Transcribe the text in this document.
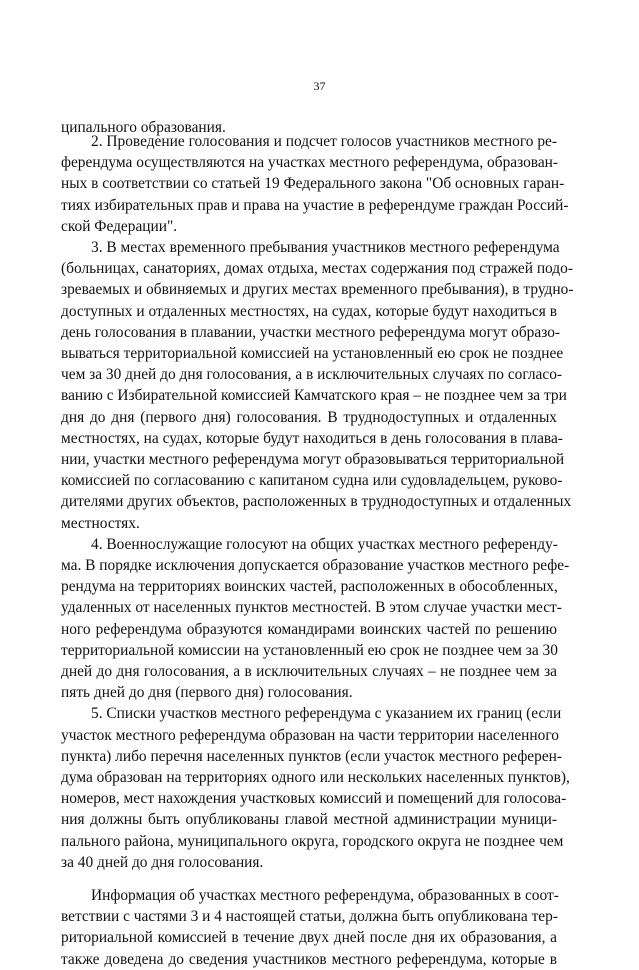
37
ципального образования.
2. Проведение голосования и подсчет голосов участников местного ре-
ферендума осуществляются на участках местного референдума, образован-
ных в соответствии со статьей 19 Федерального закона "Об основных гаран-
тиях избирательных прав и права на участие в референдуме граждан Россий-
ской Федерации".
3. В местах временного пребывания участников местного референдума
(больницах, санаториях, домах отдыха, местах содержания под стражей подо-
зреваемых и обвиняемых и других местах временного пребывания), в трудно-
доступных и отдаленных местностях, на судах, которые будут находиться в
день голосования в плавании, участки местного референдума могут образо-
вываться территориальной комиссией на установленный ею срок не позднее
чем за 30 дней до дня голосования, а в исключительных случаях по согласо-
ванию с Избирательной комиссией Камчатского края – не позднее чем за три
дня до дня (первого дня) голосования. В труднодоступных и отдаленных
местностях, на судах, которые будут находиться в день голосования в плава-
нии, участки местного референдума могут образовываться территориальной
комиссией по согласованию с капитаном судна или судовладельцем, руково-
дителями других объектов, расположенных в труднодоступных и отдаленных
местностях.
4. Военнослужащие голосуют на общих участках местного референду-
ма. В порядке исключения допускается образование участков местного рефе-
рендума на территориях воинских частей, расположенных в обособленных,
удаленных от населенных пунктов местностей. В этом случае участки мест-
ного референдума образуются командирами воинских частей по решению
территориальной комиссии на установленный ею срок не позднее чем за 30
дней до дня голосования, а в исключительных случаях – не позднее чем за
пять дней до дня (первого дня) голосования.
5. Списки участков местного референдума с указанием их границ (если
участок местного референдума образован на части территории населенного
пункта) либо перечня населенных пунктов (если участок местного референ-
дума образован на территориях одного или нескольких населенных пунктов),
номеров, мест нахождения участковых комиссий и помещений для голосова-
ния должны быть опубликованы главой местной администрации муници-
пального района, муниципального округа, городского округа не позднее чем
за 40 дней до дня голосования.
Информация об участках местного референдума, образованных в соот-
ветствии с частями 3 и 4 настоящей статьи, должна быть опубликована тер-
риториальной комиссией в течение двух дней после дня их образования, а
также доведена до сведения участников местного референдума, которые в
